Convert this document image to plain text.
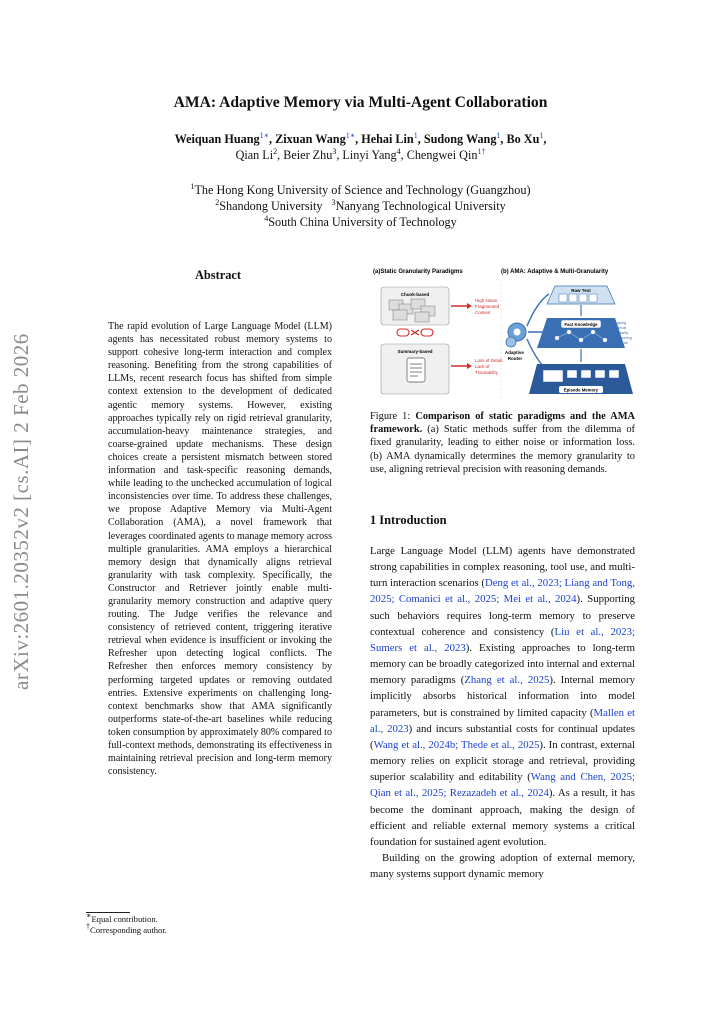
AMA: Adaptive Memory via Multi-Agent Collaboration
Weiquan Huang$^{1∗}$, Zixuan Wang$^{1∗}$, Hehai Lin$^1$, Sudong Wang$^1$, Bo Xu$^1$,
Qian Li$^2$, Beier Zhu$^3$, Linyi Yang$^4$, Chengwei Qin$^{1\dagger}$
$^1$The Hong Kong University of Science and Technology (Guangzhou)
$^2$Shandong University $^3$Nanyang Technological University
$^4$South China University of Technology
arXiv:2601.20352v2 [cs.AI] 2 Feb 2026
Abstract
The rapid evolution of Large Language Model (LLM) agents has necessitated robust memory systems to support cohesive long-term interaction and complex reasoning. Benefiting from the strong capabilities of LLMs, recent research focus has shifted from simple context extension to the development of dedicated agentic memory systems. However, existing approaches typically rely on rigid retrieval granularity, accumulation-heavy maintenance strategies, and coarse-grained update mechanisms. These design choices create a persistent mismatch between stored information and task-specific reasoning demands, while leading to the unchecked accumulation of logical inconsistencies over time. To address these challenges, we propose Adaptive Memory via Multi-Agent Collaboration (AMA), a novel framework that leverages coordinated agents to manage memory across multiple granularities. AMA employs a hierarchical memory design that dynamically aligns retrieval granularity with task complexity. Specifically, the Constructor and Retriever jointly enable multi-granularity memory construction and adaptive query routing. The Judge verifies the relevance and consistency of retrieved content, triggering iterative retrieval when evidence is insufficient or invoking the Refresher upon detecting logical conflicts. The Refresher then enforces memory consistency by performing targeted updates or removing outdated entries. Extensive experiments on challenging long-context benchmarks show that AMA significantly outperforms state-of-the-art baselines while reducing token consumption by approximately 80% compared to full-context methods, demonstrating its effectiveness in maintaining retrieval precision and long-term memory consistency.
∗Equal contribution.
†Corresponding author.
(a)Static Granularity Paradigms	(b) AMA: Adaptive & Multi-Granularity
Chunk-based
High Noise, Fragmented Context
Summary-based
Loss of Detail, Lack of Traceability
Adaptive Router
Raw Text
Fact Knowledge	aligning retrieval granularity with reasoning demands
Episode Memory
Figure 1: Comparison of static paradigms and the AMA framework. (a) Static methods suffer from the dilemma of fixed granularity, leading to either noise or information loss. (b) AMA dynamically determines the memory granularity to use, aligning retrieval precision with reasoning demands.
1 Introduction

Large Language Model (LLM) agents have demonstrated strong capabilities in complex reasoning, tool use, and multi-turn interaction scenarios (Deng et al., 2023; Liang and Tong, 2025; Comanici et al., 2025; Mei et al., 2024). Supporting such behaviors requires long-term memory to preserve contextual coherence and consistency (Liu et al., 2023; Sumers et al., 2023). Existing approaches to long-term memory can be broadly categorized into internal and external memory paradigms (Zhang et al., 2025). Internal memory implicitly absorbs historical information into model parameters, but is constrained by limited capacity (Mallen et al., 2023) and incurs substantial costs for continual updates (Wang et al., 2024b; Thede et al., 2025). In contrast, external memory relies on explicit storage and retrieval, providing superior scalability and editability (Wang and Chen, 2025; Qian et al., 2025; Rezazadeh et al., 2024). As a result, it has become the dominant approach, making the design of efficient and reliable external memory systems a critical foundation for sustained agent evolution.

Building on the growing adoption of external memory, many systems support dynamic memory
